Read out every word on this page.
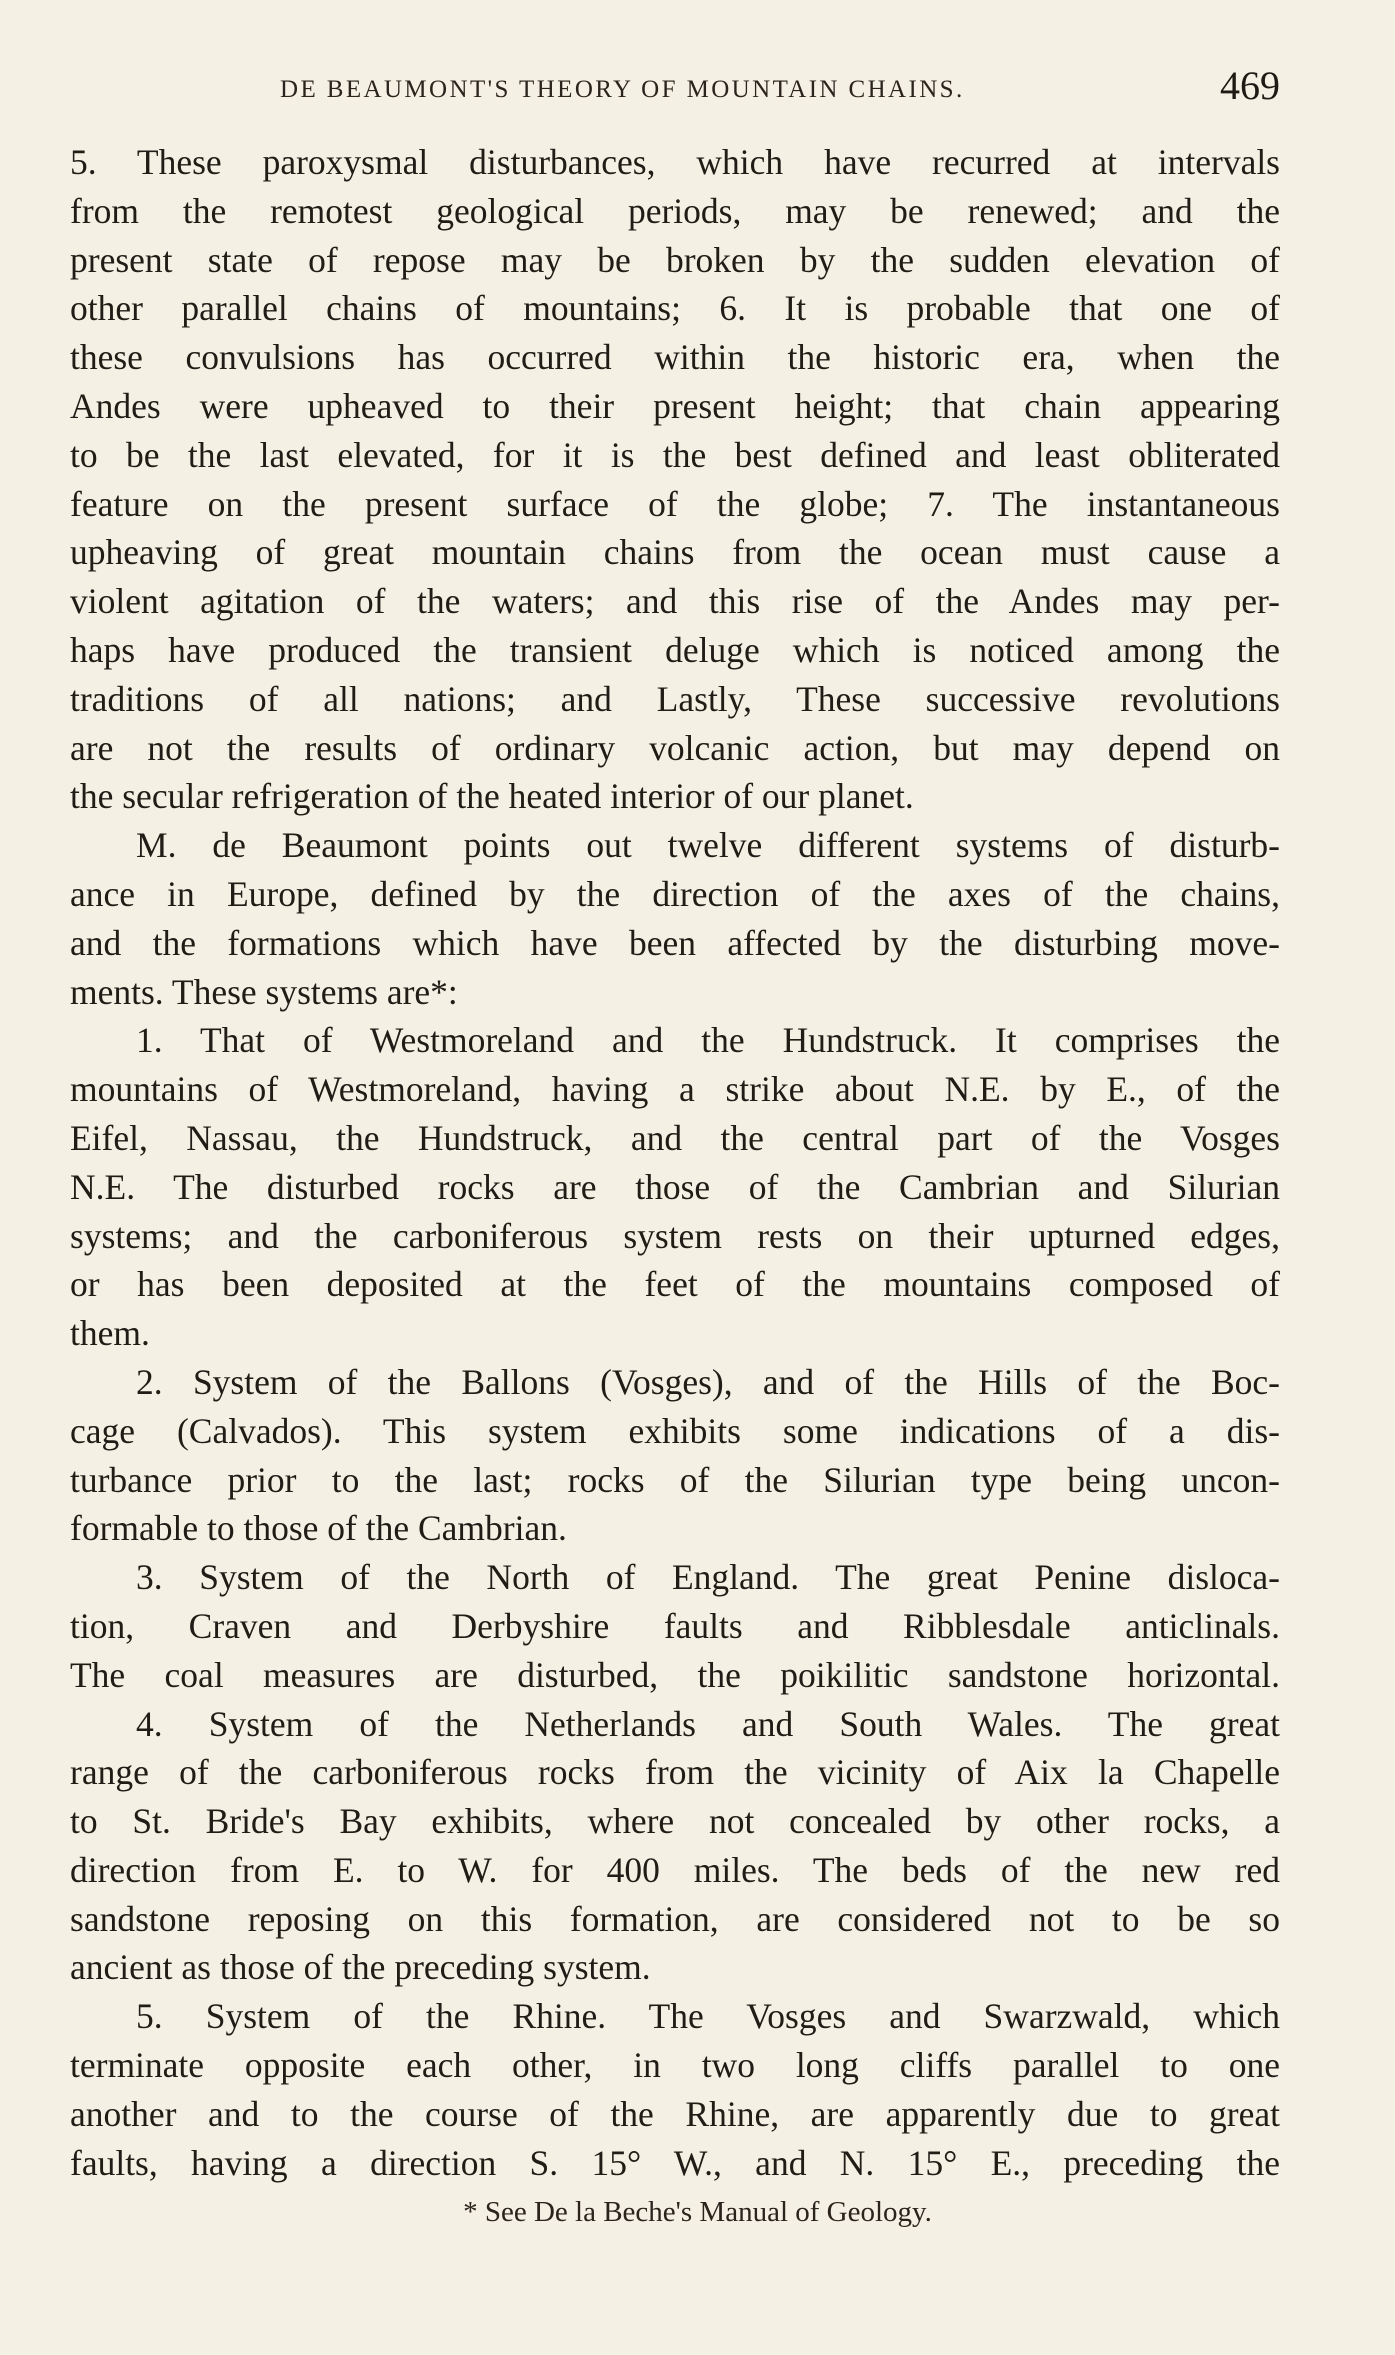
DE BEAUMONT'S THEORY OF MOUNTAIN CHAINS.	469
5. These paroxysmal disturbances, which have recurred at intervals
from the remotest geological periods, may be renewed; and the
present state of repose may be broken by the sudden elevation of
other parallel chains of mountains; 6. It is probable that one of
these convulsions has occurred within the historic era, when the
Andes were upheaved to their present height; that chain appearing
to be the last elevated, for it is the best defined and least obliterated
feature on the present surface of the globe; 7. The instantaneous
upheaving of great mountain chains from the ocean must cause a
violent agitation of the waters; and this rise of the Andes may per-
haps have produced the transient deluge which is noticed among the
traditions of all nations; and Lastly, These successive revolutions
are not the results of ordinary volcanic action, but may depend on
the secular refrigeration of the heated interior of our planet.
M. de Beaumont points out twelve different systems of disturb-
ance in Europe, defined by the direction of the axes of the chains,
and the formations which have been affected by the disturbing move-
ments. These systems are*:
1. That of Westmoreland and the Hundstruck. It comprises the
mountains of Westmoreland, having a strike about N.E. by E., of the
Eifel, Nassau, the Hundstruck, and the central part of the Vosges
N.E. The disturbed rocks are those of the Cambrian and Silurian
systems; and the carboniferous system rests on their upturned edges,
or has been deposited at the feet of the mountains composed of
them.
2. System of the Ballons (Vosges), and of the Hills of the Boc-
cage (Calvados). This system exhibits some indications of a dis-
turbance prior to the last; rocks of the Silurian type being uncon-
formable to those of the Cambrian.
3. System of the North of England. The great Penine disloca-
tion, Craven and Derbyshire faults and Ribblesdale anticlinals.
The coal measures are disturbed, the poikilitic sandstone horizontal.
4. System of the Netherlands and South Wales. The great
range of the carboniferous rocks from the vicinity of Aix la Chapelle
to St. Bride's Bay exhibits, where not concealed by other rocks, a
direction from E. to W. for 400 miles. The beds of the new red
sandstone reposing on this formation, are considered not to be so
ancient as those of the preceding system.
5. System of the Rhine. The Vosges and Swarzwald, which
terminate opposite each other, in two long cliffs parallel to one
another and to the course of the Rhine, are apparently due to great
faults, having a direction S. 15° W., and N. 15° E., preceding the
* See De la Beche's Manual of Geology.
